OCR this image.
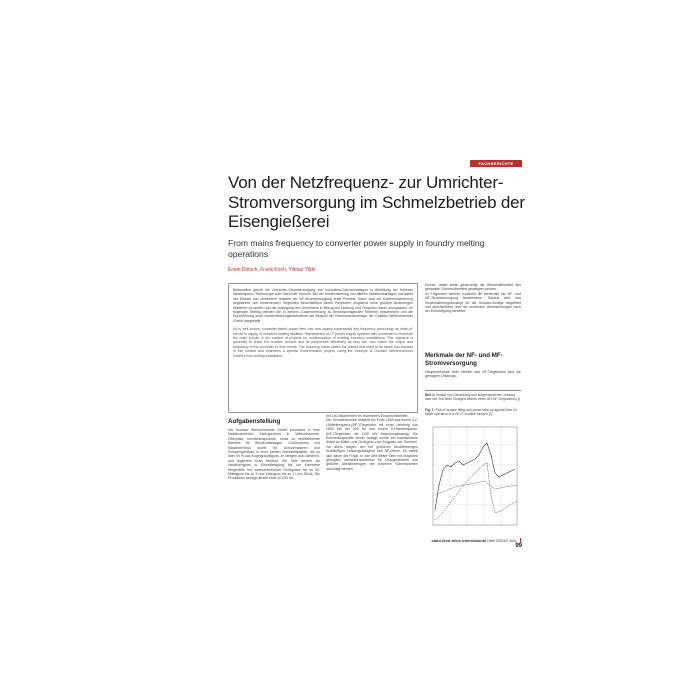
FACHBERICHTE
Von der Netzfrequenz- zur Umrichter-Stromversorgung im Schmelzbetrieb der Eisengießerei
From mains frequency to converter power supply in foundry melting operations
Erwin Dötsch, Frank Koch, Yilmaz Yildir

Bekanntlich gehört die Umrichter-Stromversorgung von Induktions-Schmelzanlagen in Abbildung der früheren Netzfrequenz-Technologie zum Stand der Technik. Bei der Modernisierung von älteren Induktionsanlagen hat daher der Einsatz von Umrichtern anstelle der NF-Stromversorgung erste Priorität. Dabei wird zur Kostenminimierung angestrebt, den bestehenden Tiegelofen einschließlich seiner Peripherie möglichst ohne größere Änderungen bestehen zu lassen und die Auslegung des Umrichters in Bezug auf Leistung und Frequenz daran anzupassen. Im folgenden Beitrag werden die in diesem Zusammenhang zu berücksichtigenden Kriterien beschrieben und die Durchführung einer Modernisierungsmaßnahme am Beispiel der Eisenschmelzanlage der Gusstec Weiherhammer GmbH dargestellt.

As is well known, converter-based power feed has now largely superseded line-frequency technology as state-of-the-art in supply of induction melting facilities. Replacement of LF power supply systems with converters is therefore the main priority in the context of projects for modernization of existing induction installations. The objective is generally to leave the crucible furnace and its peripherals effectively as they are, and match the output and frequency of the converter to their needs. The following article states the criteria that need to be taken into account in this context and examines a specific modernization project, using the example of Gusstec Weiherhammer GmbH's iron melting installation.

könnte, dabei sollte gleichzeitig die Wirtschaftlichkeit des gesamten Schmelzbetriebs gesteigert werden.
Im Folgenden werden zunächst die Merkmale der NF- und MF-Stromversorgung beschrieben. Daraus wird das Modernisierungskonzept für die Gusstec-Anlage abgeleitet und abschließend über die erreichten Verbesserungen nach der Ertüchtigung berichtet.

Merkmale der NF- und MF-Stromversorgung

Hauptmerkmale beim Betrieb des NF-Tiegelofens sind die geringere Leistungs-

Bild 1: Verlauf von Ofenfüllung und aufgenommener Leistung über der 2nd Beim Chargen-betrieb eines 26 t-NF-Tiegelofens [1]
Fig. 1: Plot of furnace filling and power take-up against time for batch operation of a 26 LF crucible furnace [1]
·
·
·
·
Aufgabenstellung

Die Gusstec Weiherhammer GmbH produziert in ihrer traditionsreichen Eisengießerei in Weiherhammer, Oberpfalz, hochbeanspruchte, meist zu zertifizierende Bauteile für Windkraftanlagen, Großmotoren und Maschinenbau sowie für Großarmaturen und Pumpengehäuse in einer breiten Werkstoffpalette, die zu über 90 % aus Kugelgraphitguss, im übrigen aus Lamellen- und legiertem Guss besteht. Die Teile werden als Handformguss in Einzelfertigung bis zur Kleinserie hergestellt, mit unterschiedlichen Großgusss bis zu 50, Mittelguss bis zu 3 und Kleinguss bis zu 1 t pro Stück. Die Produktion beträgt derzeit etwa 10.000 t/a

mit 140 Mitarbeitern im erweiterten Einschichtbetrieb.
Der Schmelzbetrieb bestand bis Ende 2009 aus einem 3,2-t-Mittelfrequenz-(MF-)Tiegelofen mit einer Leistung von 1800 kW bei 500 Hz und einem 5-t-Netzfrequenz-(NF-)Tiegelofen mit 1100 kW Anschlussleistung. Die Schmelzkapazität dieser Anlage wurde bei wachsendem Anteil an Mittel- und Großguss zum Engpass der Gießerei, vor allem wegen der bei größeren Abstichmengen rückläufigen Leistungsfähigkeit des NF-Ofens. Es stellte sich daher die Frage, in wie weit dieser Ofen mit möglichst geringem Investitionsaufwand für Chargenbetrieb und größere Abstichmengen bei kürzeren Schmelzzeiten ertüchtigt werden

stahl-feed-felne international Heft 2/2010 Juni  99
